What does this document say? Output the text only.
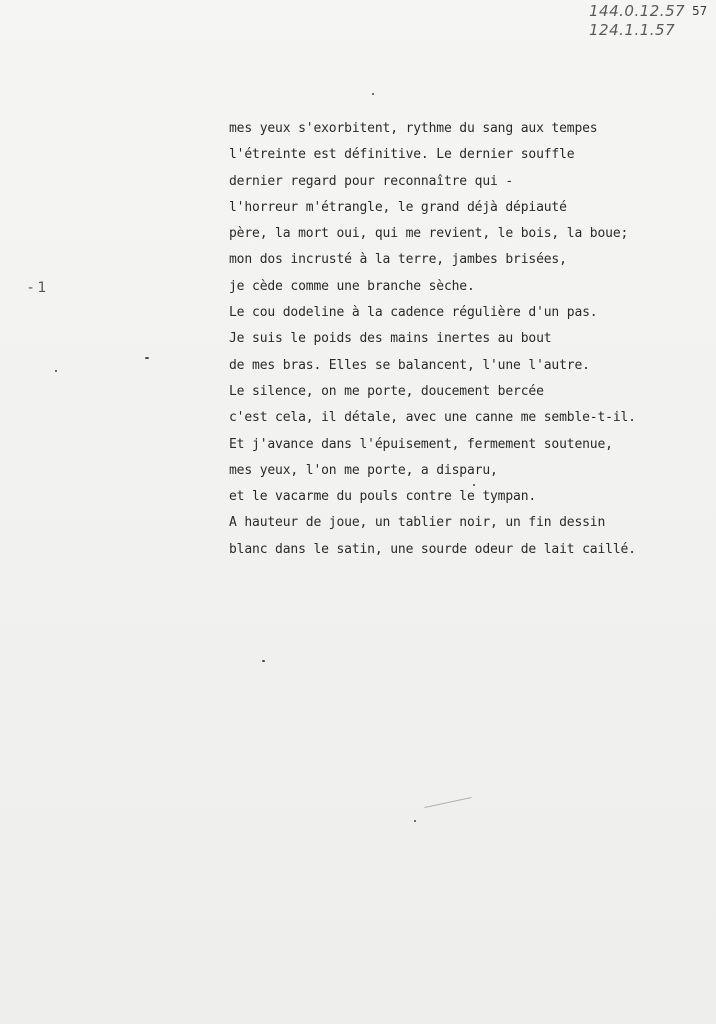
144.0.12.57
124.1.1.57
57
- 1
mes yeux s'exorbitent, rythme du sang aux tempes
l'étreinte est définitive. Le dernier souffle
dernier regard pour reconnaître qui -
l'horreur m'étrangle, le grand déjà dépiauté
père, la mort oui, qui me revient, le bois, la boue;
mon dos incrusté à la terre, jambes brisées,
je cède comme une branche sèche.
Le cou dodeline à la cadence régulière d'un pas.
Je suis le poids des mains inertes au bout
de mes bras. Elles se balancent, l'une l'autre.
Le silence, on me porte, doucement bercée
c'est cela, il détale, avec une canne me semble-t-il.
Et j'avance dans l'épuisement, fermement soutenue,
mes yeux, l'on me porte, a disparu,
et le vacarme du pouls contre le tympan.
A hauteur de joue, un tablier noir, un fin dessin
blanc dans le satin, une sourde odeur de lait caillé.
